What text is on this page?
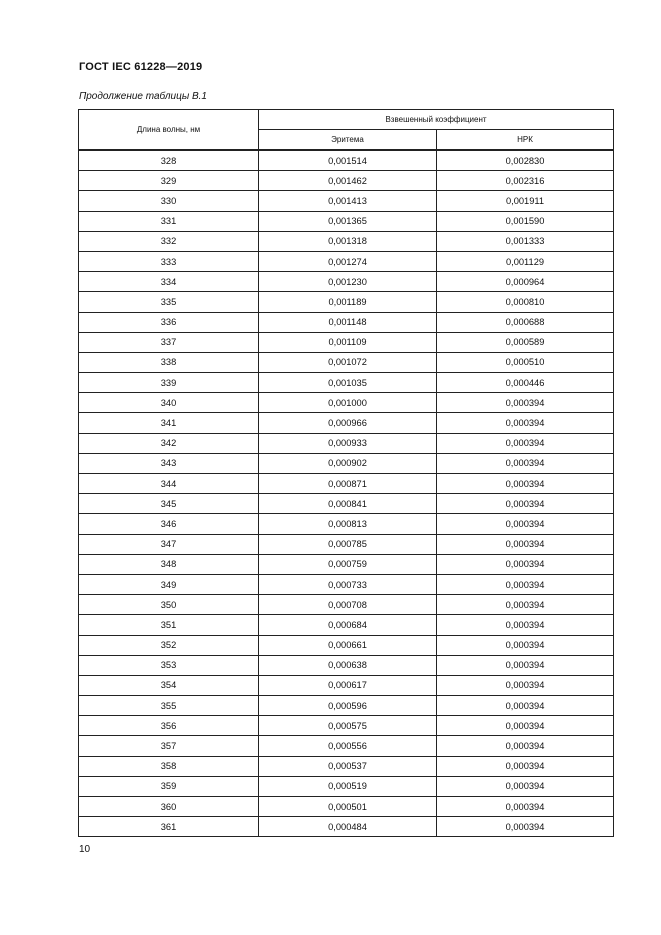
ГОСТ IEC 61228—2019
Продолжение таблицы В.1
Длина волны, нм	Взвешенный коэффициент	
	Эритема	НРК
328	0,001514	0,002830
329	0,001462	0,002316
330	0,001413	0,001911
331	0,001365	0,001590
332	0,001318	0,001333
333	0,001274	0,001129
334	0,001230	0,000964
335	0,001189	0,000810
336	0,001148	0,000688
337	0,001109	0,000589
338	0,001072	0,000510
339	0,001035	0,000446
340	0,001000	0,000394
341	0,000966	0,000394
342	0,000933	0,000394
343	0,000902	0,000394
344	0,000871	0,000394
345	0,000841	0,000394
346	0,000813	0,000394
347	0,000785	0,000394
348	0,000759	0,000394
349	0,000733	0,000394
350	0,000708	0,000394
351	0,000684	0,000394
352	0,000661	0,000394
353	0,000638	0,000394
354	0,000617	0,000394
355	0,000596	0,000394
356	0,000575	0,000394
357	0,000556	0,000394
358	0,000537	0,000394
359	0,000519	0,000394
360	0,000501	0,000394
361	0,000484	0,000394
10
